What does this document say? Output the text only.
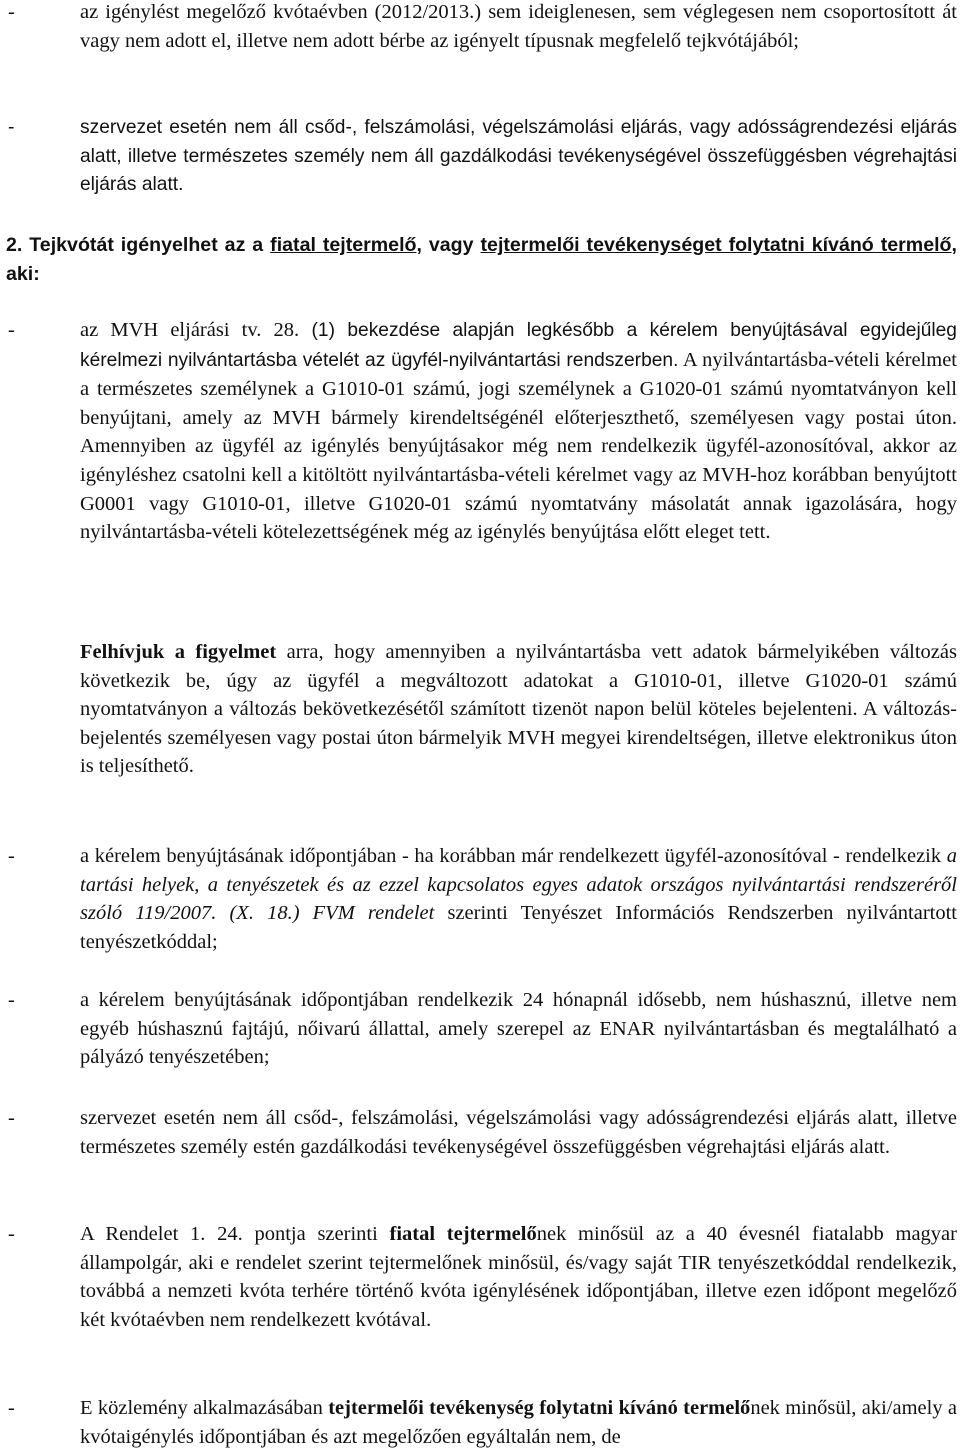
-	az igénylést megelőző kvótaévben (2012/2013.) sem ideiglenesen, sem véglegesen nem csoportosított át vagy nem adott el, illetve nem adott bérbe az igényelt típusnak megfelelő tejkvótájából;
-	szervezet esetén nem áll csőd-, felszámolási, végelszámolási eljárás, vagy adósságrendezési eljárás alatt, illetve természetes személy nem áll gazdálkodási tevékenységével összefüggésben végrehajtási eljárás alatt.
2. Tejkvótát igényelhet az a fiatal tejtermelő, vagy tejtermelői tevékenységet folytatni kívánó termelő, aki:
-	az MVH eljárási tv. 28. (1) bekezdése alapján legkésőbb a kérelem benyújtásával egyidejűleg kérelmezi nyilvántartásba vételét az ügyfél-nyilvántartási rendszerben. A nyilvántartásba-vételi kérelmet a természetes személynek a G1010-01 számú, jogi személynek a G1020-01 számú nyomtatványon kell benyújtani, amely az MVH bármely kirendeltségénél előterjeszthető, személyesen vagy postai úton. Amennyiben az ügyfél az igénylés benyújtásakor még nem rendelkezik ügyfél-azonosítóval, akkor az igényléshez csatolni kell a kitöltött nyilvántartásba-vételi kérelmet vagy az MVH-hoz korábban benyújtott G0001 vagy G1010-01, illetve G1020-01 számú nyomtatvány másolatát annak igazolására, hogy nyilvántartásba-vételi kötelezettségének még az igénylés benyújtása előtt eleget tett.
Felhívjuk a figyelmet arra, hogy amennyiben a nyilvántartásba vett adatok bármelyikében változás következik be, úgy az ügyfél a megváltozott adatokat a G1010-01, illetve G1020-01 számú nyomtatványon a változás bekövetkezésétől számított tizenöt napon belül köteles bejelenteni. A változás-bejelentés személyesen vagy postai úton bármelyik MVH megyei kirendeltségen, illetve elektronikus úton is teljesíthető.
-	a kérelem benyújtásának időpontjában - ha korábban már rendelkezett ügyfél-azonosítóval - rendelkezik a tartási helyek, a tenyészetek és az ezzel kapcsolatos egyes adatok országos nyilvántartási rendszeréről szóló 119/2007. (X. 18.) FVM rendelet szerinti Tenyészet Információs Rendszerben nyilvántartott tenyészetkóddal;
-	a kérelem benyújtásának időpontjában rendelkezik 24 hónapnál idősebb, nem húshasznú, illetve nem egyéb húshasznú fajtájú, nőivarú állattal, amely szerepel az ENAR nyilvántartásban és megtalálható a pályázó tenyészetében;
-	szervezet esetén nem áll csőd-, felszámolási, végelszámolási vagy adósságrendezési eljárás alatt, illetve természetes személy estén gazdálkodási tevékenységével összefüggésben végrehajtási eljárás alatt.
-	A Rendelet 1. 24. pontja szerinti fiatal tejtermelőnek minősül az a 40 évesnél fiatalabb magyar állampolgár, aki e rendelet szerint tejtermelőnek minősül, és/vagy saját TIR tenyészetkóddal rendelkezik, továbbá a nemzeti kvóta terhére történő kvóta igénylésének időpontjában, illetve ezen időpont megelőző két kvótaévben nem rendelkezett kvótával.
-	E közlemény alkalmazásában tejtermelői tevékenység folytatni kívánó termelőnek minősül, aki/amely a kvótaigénylés időpontjában és azt megelőzően egyáltalán nem, de
